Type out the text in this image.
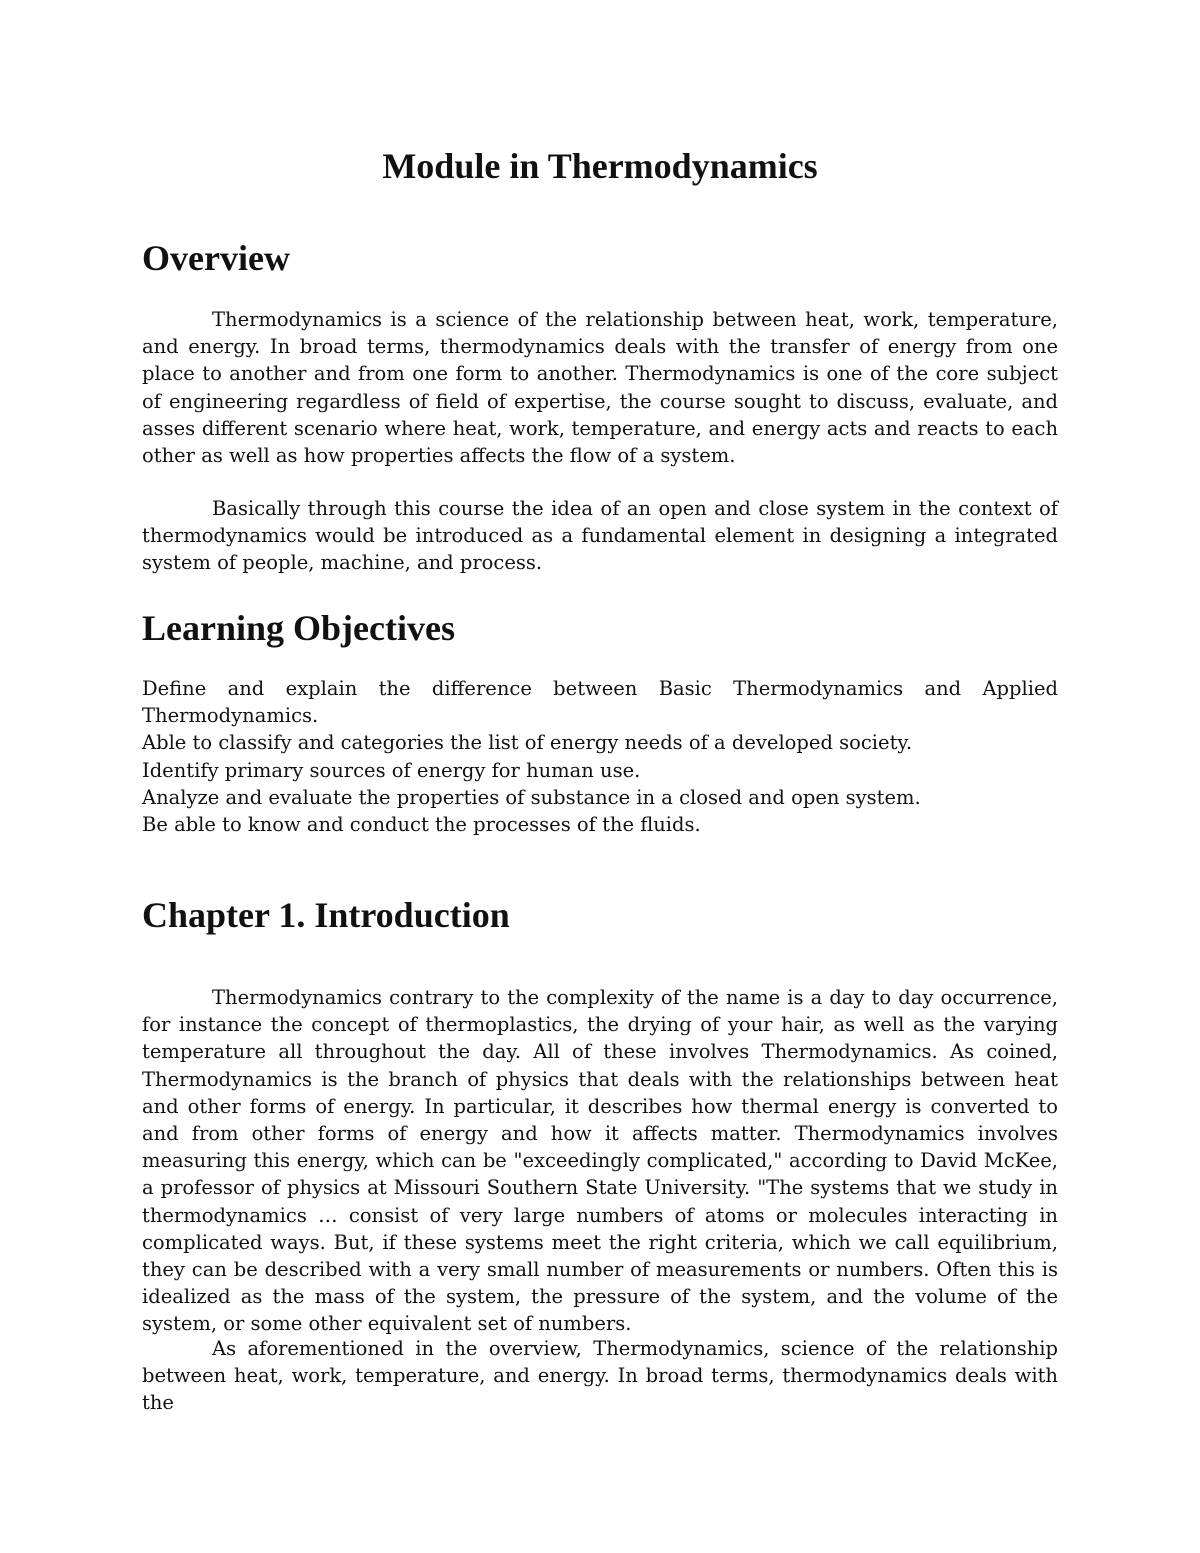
Module in Thermodynamics
Overview

Thermodynamics is a science of the relationship between heat, work, temperature, and energy. In broad terms, thermodynamics deals with the transfer of energy from one place to another and from one form to another. Thermodynamics is one of the core subject of engineering regardless of field of expertise, the course sought to discuss, evaluate, and asses different scenario where heat, work, temperature, and energy acts and reacts to each other as well as how properties affects the flow of a system.

Basically through this course the idea of an open and close system in the context of thermodynamics would be introduced as a fundamental element in designing a integrated system of people, machine, and process.

Learning Objectives
Define and explain the difference between Basic Thermodynamics and Applied
Thermodynamics.
Able to classify and categories the list of energy needs of a developed society.
Identify primary sources of energy for human use.
Analyze and evaluate the properties of substance in a closed and open system.
Be able to know and conduct the processes of the fluids.
Chapter 1. Introduction

Thermodynamics contrary to the complexity of the name is a day to day occurrence, for instance the concept of thermoplastics, the drying of your hair, as well as the varying temperature all throughout the day. All of these involves Thermodynamics. As coined, Thermodynamics is the branch of physics that deals with the relationships between heat and other forms of energy. In particular, it describes how thermal energy is converted to and from other forms of energy and how it affects matter. Thermodynamics involves measuring this energy, which can be "exceedingly complicated," according to David McKee, a professor of physics at Missouri Southern State University. "The systems that we study in thermodynamics … consist of very large numbers of atoms or molecules interacting in complicated ways. But, if these systems meet the right criteria, which we call equilibrium, they can be described with a very small number of measurements or numbers. Often this is idealized as the mass of the system, the pressure of the system, and the volume of the system, or some other equivalent set of numbers.

As aforementioned in the overview, Thermodynamics, science of the relationship between heat, work, temperature, and energy. In broad terms, thermodynamics deals with the
